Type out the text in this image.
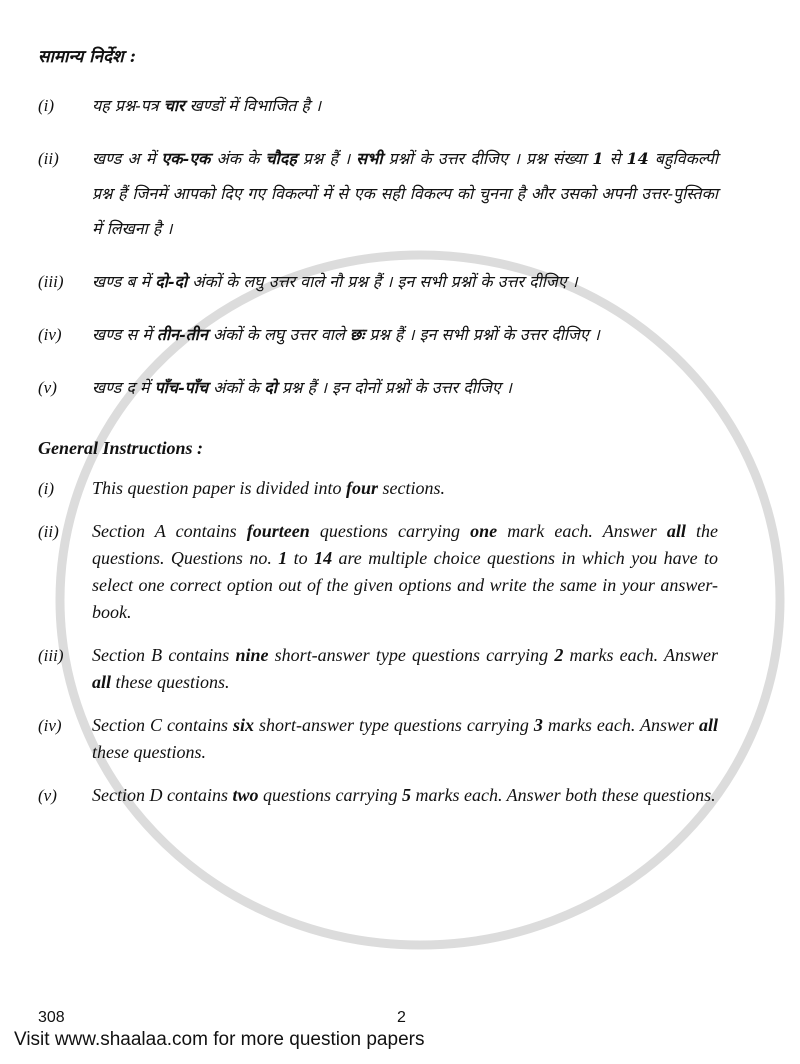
सामान्य निर्देश :
(i)	यह प्रश्न-पत्र चार खण्डों में विभाजित है ।
(ii)	खण्ड अ में एक-एक अंक के चौदह प्रश्न हैं । सभी प्रश्नों के उत्तर दीजिए । प्रश्न संख्या 1 से 14 बहुविकल्पी प्रश्न हैं जिनमें आपको दिए गए विकल्पों में से एक सही विकल्प को चुनना है और उसको अपनी उत्तर-पुस्तिका में लिखना है ।
(iii)	खण्ड ब में दो-दो अंकों के लघु उत्तर वाले नौ प्रश्न हैं । इन सभी प्रश्नों के उत्तर दीजिए ।
(iv)	खण्ड स में तीन-तीन अंकों के लघु उत्तर वाले छः प्रश्न हैं । इन सभी प्रश्नों के उत्तर दीजिए ।
(v)	खण्ड द में पाँच-पाँच अंकों के दो प्रश्न हैं । इन दोनों प्रश्नों के उत्तर दीजिए ।
General Instructions :
(i)	This question paper is divided into four sections.
(ii)	Section A contains fourteen questions carrying one mark each. Answer all the questions. Questions no. 1 to 14 are multiple choice questions in which you have to select one correct option out of the given options and write the same in your answer-book.
(iii)	Section B contains nine short-answer type questions carrying 2 marks each. Answer all these questions.
(iv)	Section C contains six short-answer type questions carrying 3 marks each. Answer all these questions.
(v)	Section D contains two questions carrying 5 marks each. Answer both these questions.
308	2
Visit www.shaalaa.com for more question papers
